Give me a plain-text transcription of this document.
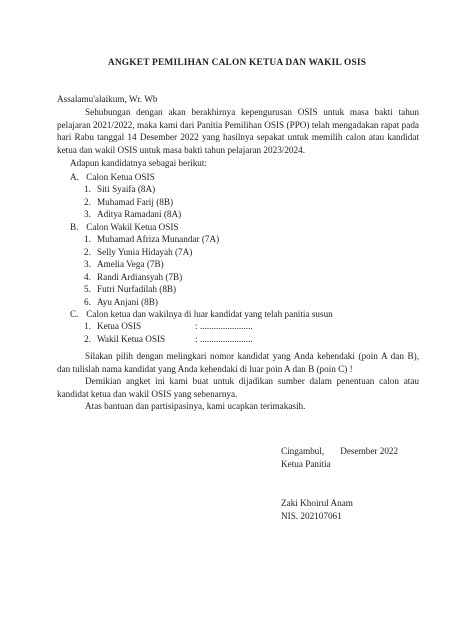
ANGKET PEMILIHAN CALON KETUA DAN WAKIL OSIS
Assalamu'alaikum, Wr. Wb
Sehubungan dengan akan berakhirnya kepengurusan OSIS untuk masa bakti tahun pelajaran 2021/2022, maka kami dari Panitia Pemilihan OSIS (PPO) telah mengadakan rapat pada hari Rabu tanggal 14 Desember 2022 yang hasilnya sepakat untuk memilih calon atau kandidat ketua dan wakil OSIS untuk masa bakti tahun pelajaran 2023/2024.
Adapun kandidatnya sebagai berikut:
A. Calon Ketua OSIS
1. Siti Syaifa (8A)
2. Muhamad Farij (8B)
3. Aditya Ramadani (8A)
B. Calon Wakil Ketua OSIS
1. Muhamad Afriza Munandar (7A)
2. Selly Yunia Hidayah (7A)
3. Amelia Vega (7B)
4. Randi Ardiansyah (7B)
5. Futri Nurfadilah (8B)
6. Ayu Anjani (8B)
C. Calon ketua dan wakilnya di luar kandidat yang telah panitia susun
1. Ketua OSIS	: .......................
2. Wakil Ketua OSIS	: .......................

Silakan pilih dengan melingkari nomor kandidat yang Anda kehendaki (poin A dan B), dan tulislah nama kandidat yang Anda kehendaki di luar poin A dan B (poin C) !

Demikian angket ini kami buat untuk dijadikan sumber dalam penentuan calon atau kandidat ketua dan wakil OSIS yang sebenarnya.

Atas bantuan dan partisipasinya, kami ucapkan terimakasih.

Cingambul,       Desember 2022
Ketua Panitia
Zaki Khoirul Anam
NIS. 202107061
